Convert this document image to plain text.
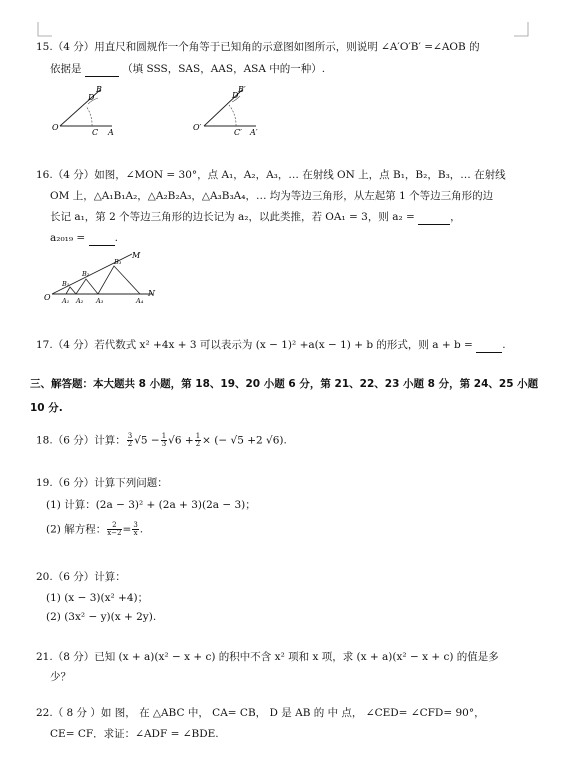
15.（4 分）用直尺和圆规作一个角等于已知角的示意图如图所示，则说明 ∠A′O′B′ =∠AOB 的
依据是	（填 SSS，SAS，AAS，ASA 中的一种）.
D
B
O
C A
D′
B′
O′
C′ A′
16.（4 分）如图，∠MON = 30°，点 A₁，A₂，A₃，… 在射线 ON 上，点 B₁，B₂，B₃，… 在射线
OM 上，△A₁B₁A₂，△A₂B₂A₃，△A₃B₃A₄，… 均为等边三角形，从左起第 1 个等边三角形的边
长记 a₁，第 2 个等边三角形的边长记为 a₂，以此类推，若 OA₁ = 3，则 a₂ =	，
a₂₀₁₉ =	.
O	N
M
A₁ A₂ A₃	A₄
B₁
B₂
B₃
17.（4 分）若代数式 x² +4x + 3 可以表示为 (x − 1)² +a(x − 1) + b 的形式，则 a + b =	.
三、解答题：本大题共 8 小题，第 18、19、20 小题 6 分，第 21、22、23 小题 8 分，第 24、25 小题
10 分.
18.（6 分）计算： $\frac{3}{2} √5 - \frac{1}{3} √6 + \frac{1}{2}$ × (− √5 +2 √6).
19.（6 分）计算下列问题：
(1) 计算：(2a − 3)² + (2a + 3)(2a − 3)；
(2) 解方程： $\frac{2}{x-2} = \frac{3}{x}$ .
20.（6 分）计算：
(1) (x − 3)(x² +4)；
(2) (3x² − y)(x + 2y).
21.（8 分）已知 (x + a)(x² − x + c) 的积中不含 x² 项和 x 项，求 (x + a)(x² − x + c) 的值是多
少？
22.（ 8 分 ）如 图， 在 △ABC 中， CA= CB， D 是 AB 的 中 点， ∠CED= ∠CFD= 90°，
CE= CF．求证：∠ADF = ∠BDE.
